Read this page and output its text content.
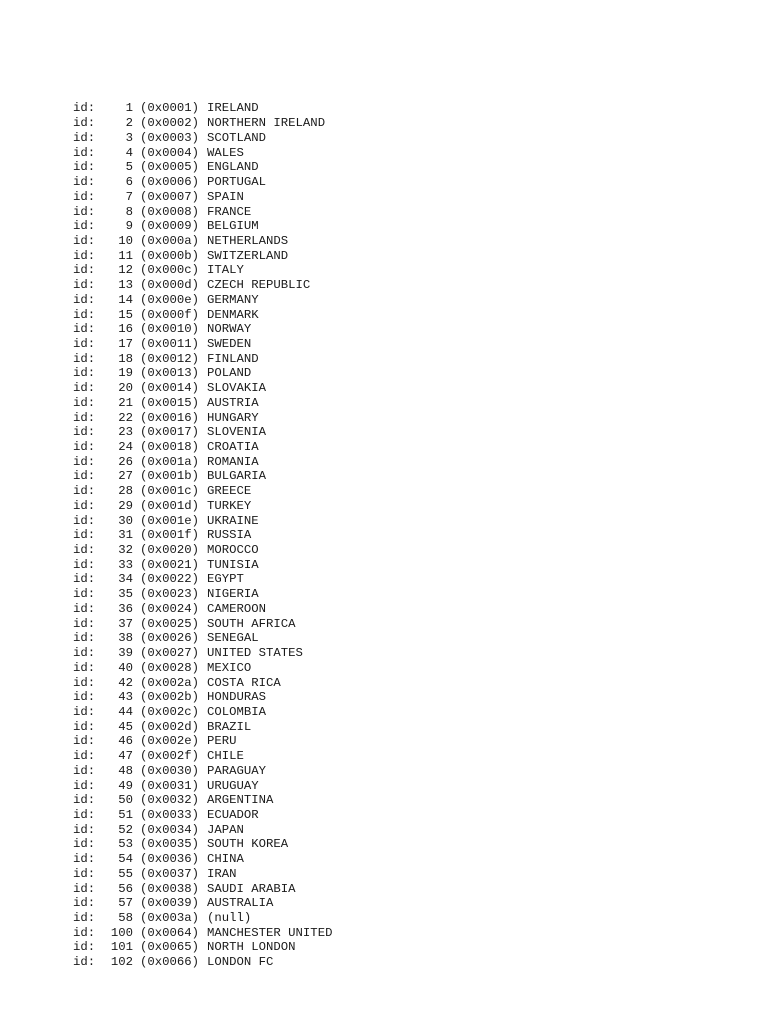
id:	1 (0x0001) IRELAND
id:	2 (0x0002) NORTHERN IRELAND
id:	3 (0x0003) SCOTLAND
id:	4 (0x0004) WALES
id:	5 (0x0005) ENGLAND
id:	6 (0x0006) PORTUGAL
id:	7 (0x0007) SPAIN
id:	8 (0x0008) FRANCE
id:	9 (0x0009) BELGIUM
id:	10 (0x000a) NETHERLANDS
id:	11 (0x000b) SWITZERLAND
id:	12 (0x000c) ITALY
id:	13 (0x000d) CZECH REPUBLIC
id:	14 (0x000e) GERMANY
id:	15 (0x000f) DENMARK
id:	16 (0x0010) NORWAY
id:	17 (0x0011) SWEDEN
id:	18 (0x0012) FINLAND
id:	19 (0x0013) POLAND
id:	20 (0x0014) SLOVAKIA
id:	21 (0x0015) AUSTRIA
id:	22 (0x0016) HUNGARY
id:	23 (0x0017) SLOVENIA
id:	24 (0x0018) CROATIA
id:	26 (0x001a) ROMANIA
id:	27 (0x001b) BULGARIA
id:	28 (0x001c) GREECE
id:	29 (0x001d) TURKEY
id:	30 (0x001e) UKRAINE
id:	31 (0x001f) RUSSIA
id:	32 (0x0020) MOROCCO
id:	33 (0x0021) TUNISIA
id:	34 (0x0022) EGYPT
id:	35 (0x0023) NIGERIA
id:	36 (0x0024) CAMEROON
id:	37 (0x0025) SOUTH AFRICA
id:	38 (0x0026) SENEGAL
id:	39 (0x0027) UNITED STATES
id:	40 (0x0028) MEXICO
id:	42 (0x002a) COSTA RICA
id:	43 (0x002b) HONDURAS
id:	44 (0x002c) COLOMBIA
id:	45 (0x002d) BRAZIL
id:	46 (0x002e) PERU
id:	47 (0x002f) CHILE
id:	48 (0x0030) PARAGUAY
id:	49 (0x0031) URUGUAY
id:	50 (0x0032) ARGENTINA
id:	51 (0x0033) ECUADOR
id:	52 (0x0034) JAPAN
id:	53 (0x0035) SOUTH KOREA
id:	54 (0x0036) CHINA
id:	55 (0x0037) IRAN
id:	56 (0x0038) SAUDI ARABIA
id:	57 (0x0039) AUSTRALIA
id:	58 (0x003a) (null)
id:	100 (0x0064) MANCHESTER UNITED
id:	101 (0x0065) NORTH LONDON
id:	102 (0x0066) LONDON FC
